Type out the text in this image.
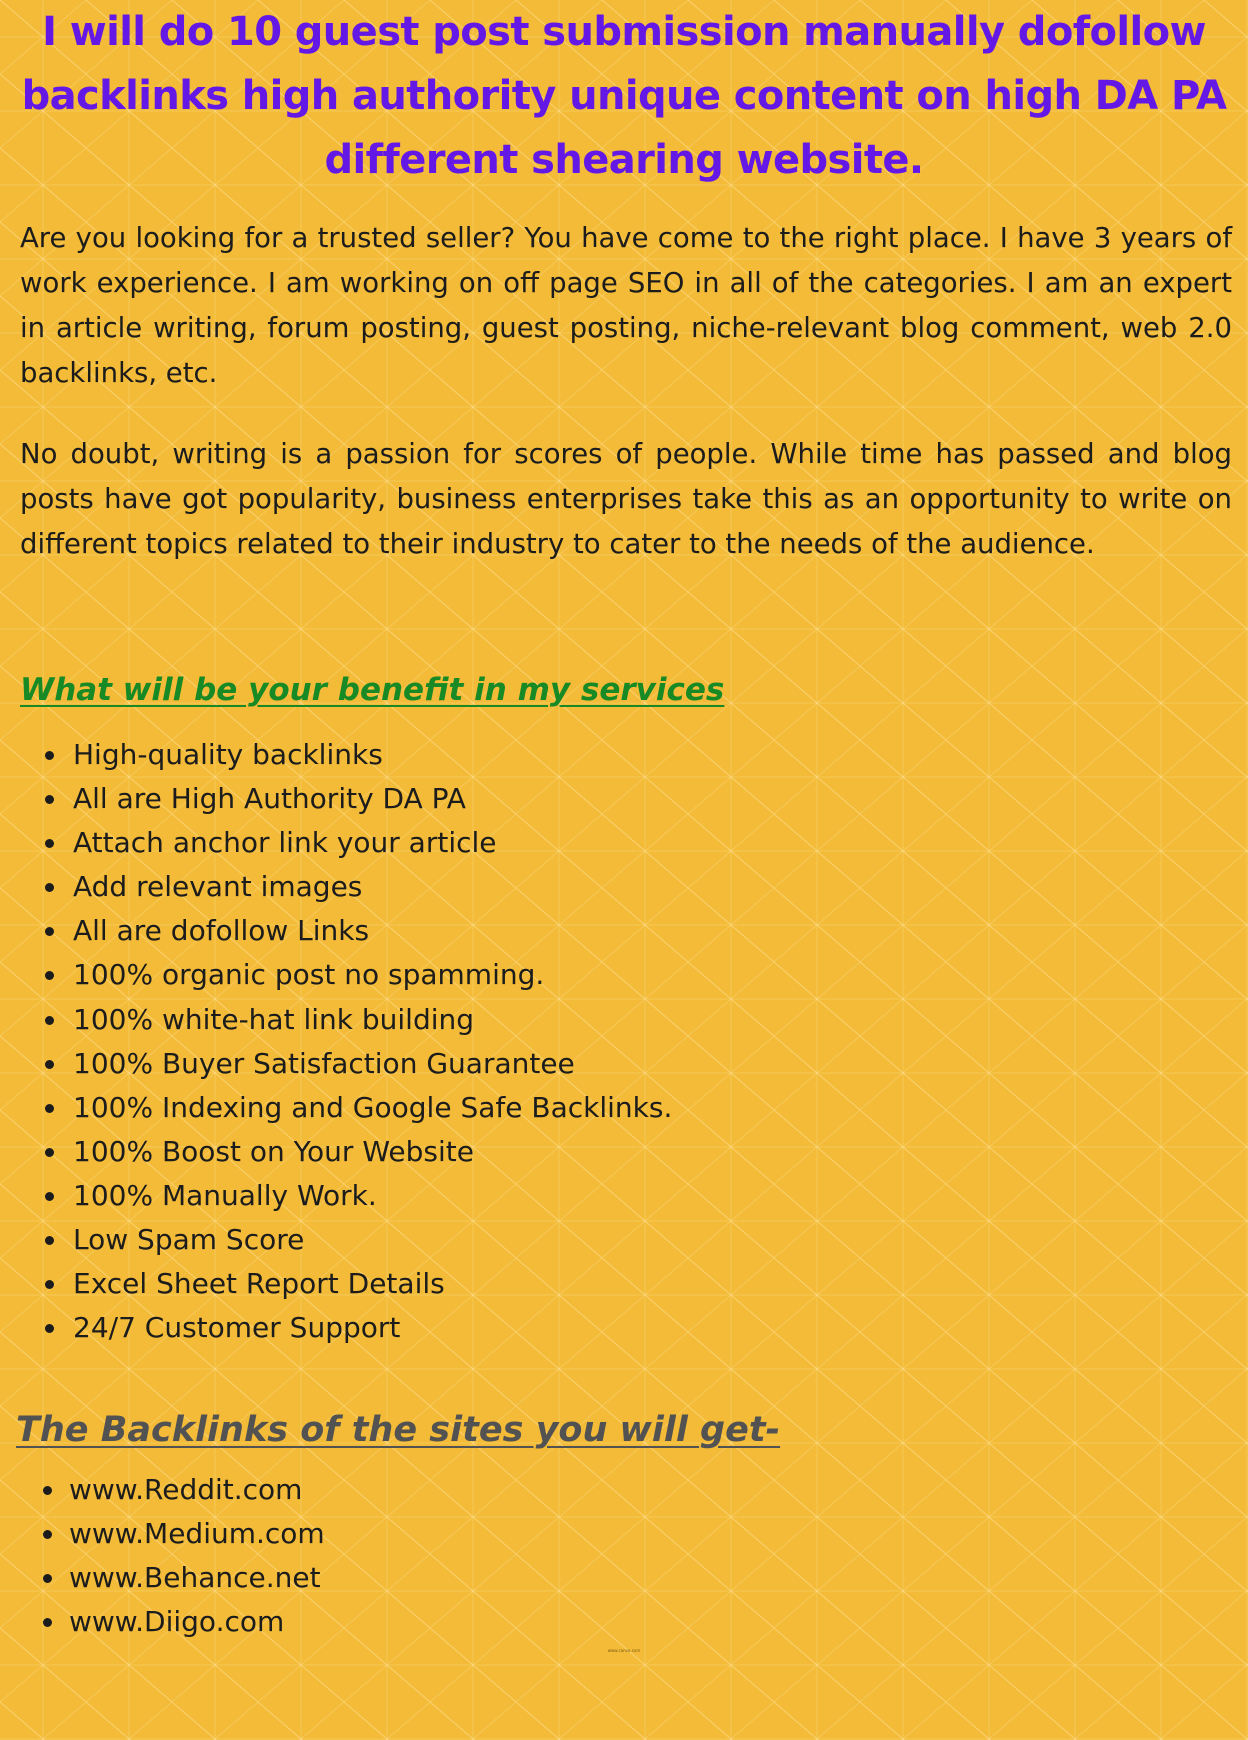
I will do 10 guest post submission manually dofollow backlinks high authority unique content on high DA PA different shearing website.

Are you looking for a trusted seller? You have come to the right place. I have 3 years of work experience. I am working on off page SEO in all of the categories. I am an expert in article writing, forum posting, guest posting, niche-relevant blog comment, web 2.0 backlinks, etc.

No doubt, writing is a passion for scores of people. While time has passed and blog posts have got popularity, business enterprises take this as an opportunity to write on different topics related to their industry to cater to the needs of the audience.

What will be your benefit in my services
High-quality backlinks
All are High Authority DA PA
Attach anchor link your article
Add relevant images
All are dofollow Links
100% organic post no spamming.
100% white-hat link building
100% Buyer Satisfaction Guarantee
100% Indexing and Google Safe Backlinks.
100% Boost on Your Website
100% Manually Work.
Low Spam Score
Excel Sheet Report Details
24/7 Customer Support
The Backlinks of the sites you will get-
www.Reddit.com
www.Medium.com
www.Behance.net
www.Diigo.com
www.canva.com
